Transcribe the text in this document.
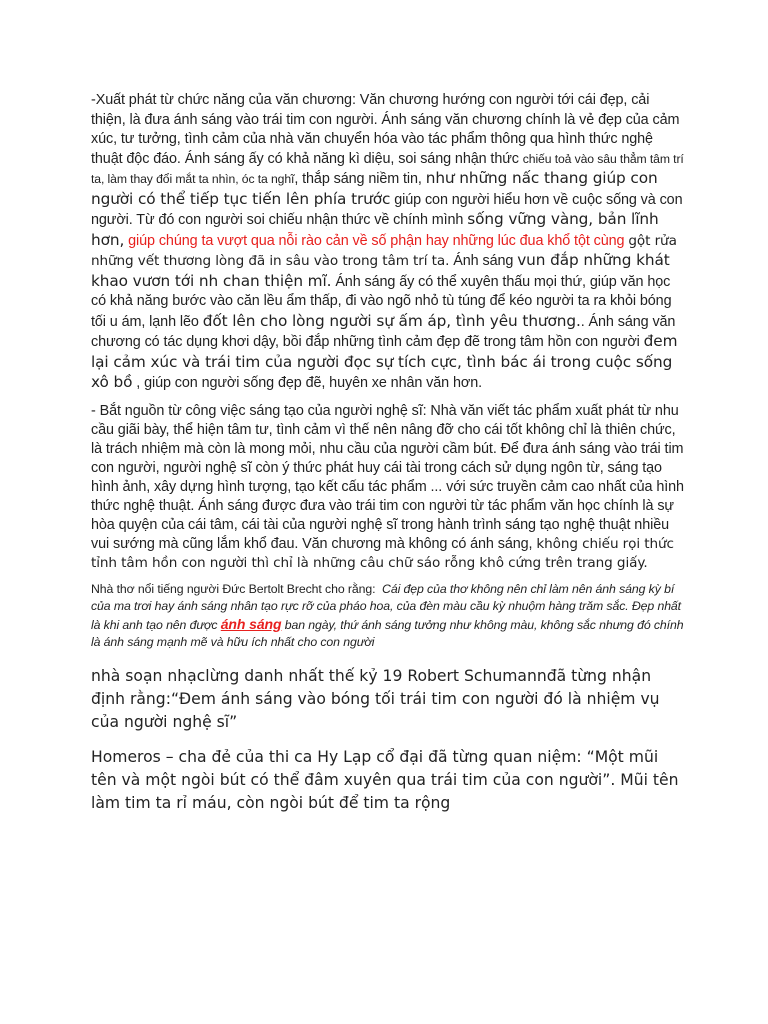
-Xuất phát từ chức năng của văn chương: Văn chương hướng con người tới cái đẹp, cải thiện, là đưa ánh sáng vào trái tim con người. Ánh sáng văn chương chính là vẻ đẹp của cảm xúc, tư tưởng, tình cảm của nhà văn chuyển hóa vào tác phẩm thông qua hình thức nghệ thuật độc đáo. Ánh sáng ấy có khả năng kì diệu, soi sáng nhận thức chiếu toả vào sâu thẳm tâm trí ta, làm thay đổi mắt ta nhìn, óc ta nghĩ, thắp sáng niềm tin, như những nấc thang giúp con người có thể tiếp tục tiến lên phía trước giúp con người hiểu hơn về cuộc sống và con người. Từ đó con người soi chiếu nhận thức về chính mình sống vững vàng, bản lĩnh hơn, giúp chúng ta vượt qua nỗi rào cản về số phận hay những lúc đua khổ tột cùng gột rửa những vết thương lòng đã in sâu vào trong tâm trí ta. Ánh sáng vun đắp những khát khao vươn tới nh chan thiện mĩ. Ánh sáng ấy có thể xuyên thấu mọi thứ, giúp văn học có khả năng bước vào căn lều ẩm thấp, đi vào ngõ nhỏ tù túng để kéo người ta ra khỏi bóng tối u ám, lạnh lẽo đốt lên cho lòng người sự ấm áp, tình yêu thương.. Ánh sáng văn chương có tác dụng khơi dậy, bồi đắp những tình cảm đẹp đẽ trong tâm hồn con người đem lại cảm xúc và trái tim của người đọc sự tích cực, tình bác ái trong cuộc sống xô bồ , giúp con người sống đẹp đẽ, huyên xe nhân văn hơn.

- Bắt nguồn từ công việc sáng tạo của người nghệ sĩ: Nhà văn viết tác phẩm xuất phát từ nhu cầu giãi bày, thể hiện tâm tư, tình cảm vì thế nên nâng đỡ cho cái tốt không chỉ là thiên chức, là trách nhiệm mà còn là mong mỏi, nhu cầu của người cầm bút. Để đưa ánh sáng vào trái tim con người, người nghệ sĩ còn ý thức phát huy cái tài trong cách sử dụng ngôn từ, sáng tạo hình ảnh, xây dựng hình tượng, tạo kết cấu tác phẩm ... với sức truyền cảm cao nhất của hình thức nghệ thuật. Ánh sáng được đưa vào trái tim con người từ tác phẩm văn học chính là sự hòa quyện của cái tâm, cái tài của người nghệ sĩ trong hành trình sáng tạo nghệ thuật nhiều vui sướng mà cũng lắm khổ đau. Văn chương mà không có ánh sáng, không chiếu rọi thức tỉnh tâm hồn con người thì chỉ là những câu chữ sáo rỗng khô cứng trên trang giấy.

Nhà thơ nổi tiếng người Đức Bertolt Brecht cho rằng: Cái đẹp của thơ không nên chỉ làm nên ánh sáng kỳ bí của ma trơi hay ánh sáng nhân tạo rực rỡ của pháo hoa, của đèn màu cầu kỳ nhuộm hàng trăm sắc. Đẹp nhất là khi anh tạo nên được ánh sáng ban ngày, thứ ánh sáng tưởng như không màu, không sắc nhưng đó chính là ánh sáng mạnh mẽ và hữu ích nhất cho con người

nhà soạn nhạclừng danh nhất thế kỷ 19 Robert Schumannđã từng nhận định rằng:“Đem ánh sáng vào bóng tối trái tim con người đó là nhiệm vụ của người nghệ sĩ”

Homeros – cha đẻ của thi ca Hy Lạp cổ đại đã từng quan niệm: “Một mũi tên và một ngòi bút có thể đâm xuyên qua trái tim của con người”. Mũi tên làm tim ta rỉ máu, còn ngòi bút để tim ta rộng
